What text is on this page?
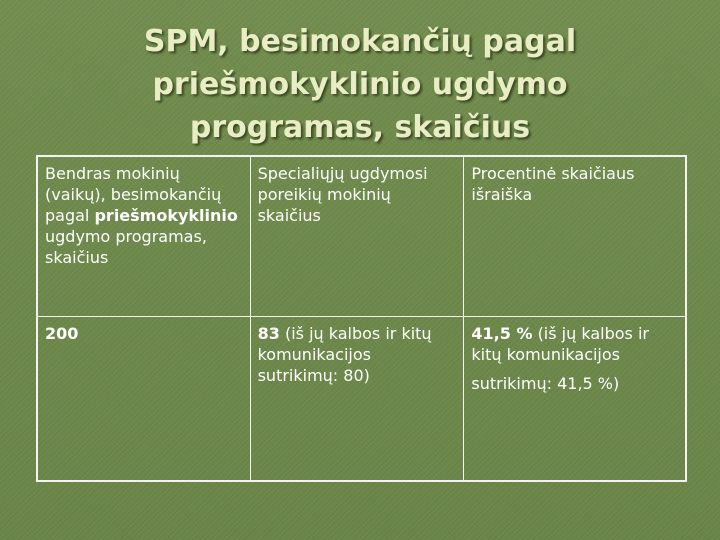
SPM, besimokančių pagal
priešmokyklinio ugdymo
programas, skaičius
Bendras mokinių (vaikų), besimokančių pagal priešmokyklinio ugdymo programas, skaičius	Specialiųjų ugdymosi poreikių mokinių skaičius	Procentinė skaičiaus išraiška

200	83 (iš jų kalbos ir kitų komunikacijos sutrikimų: 80)	41,5 % (iš jų kalbos ir kitų komunikacijos
sutrikimų: 41,5 %)
